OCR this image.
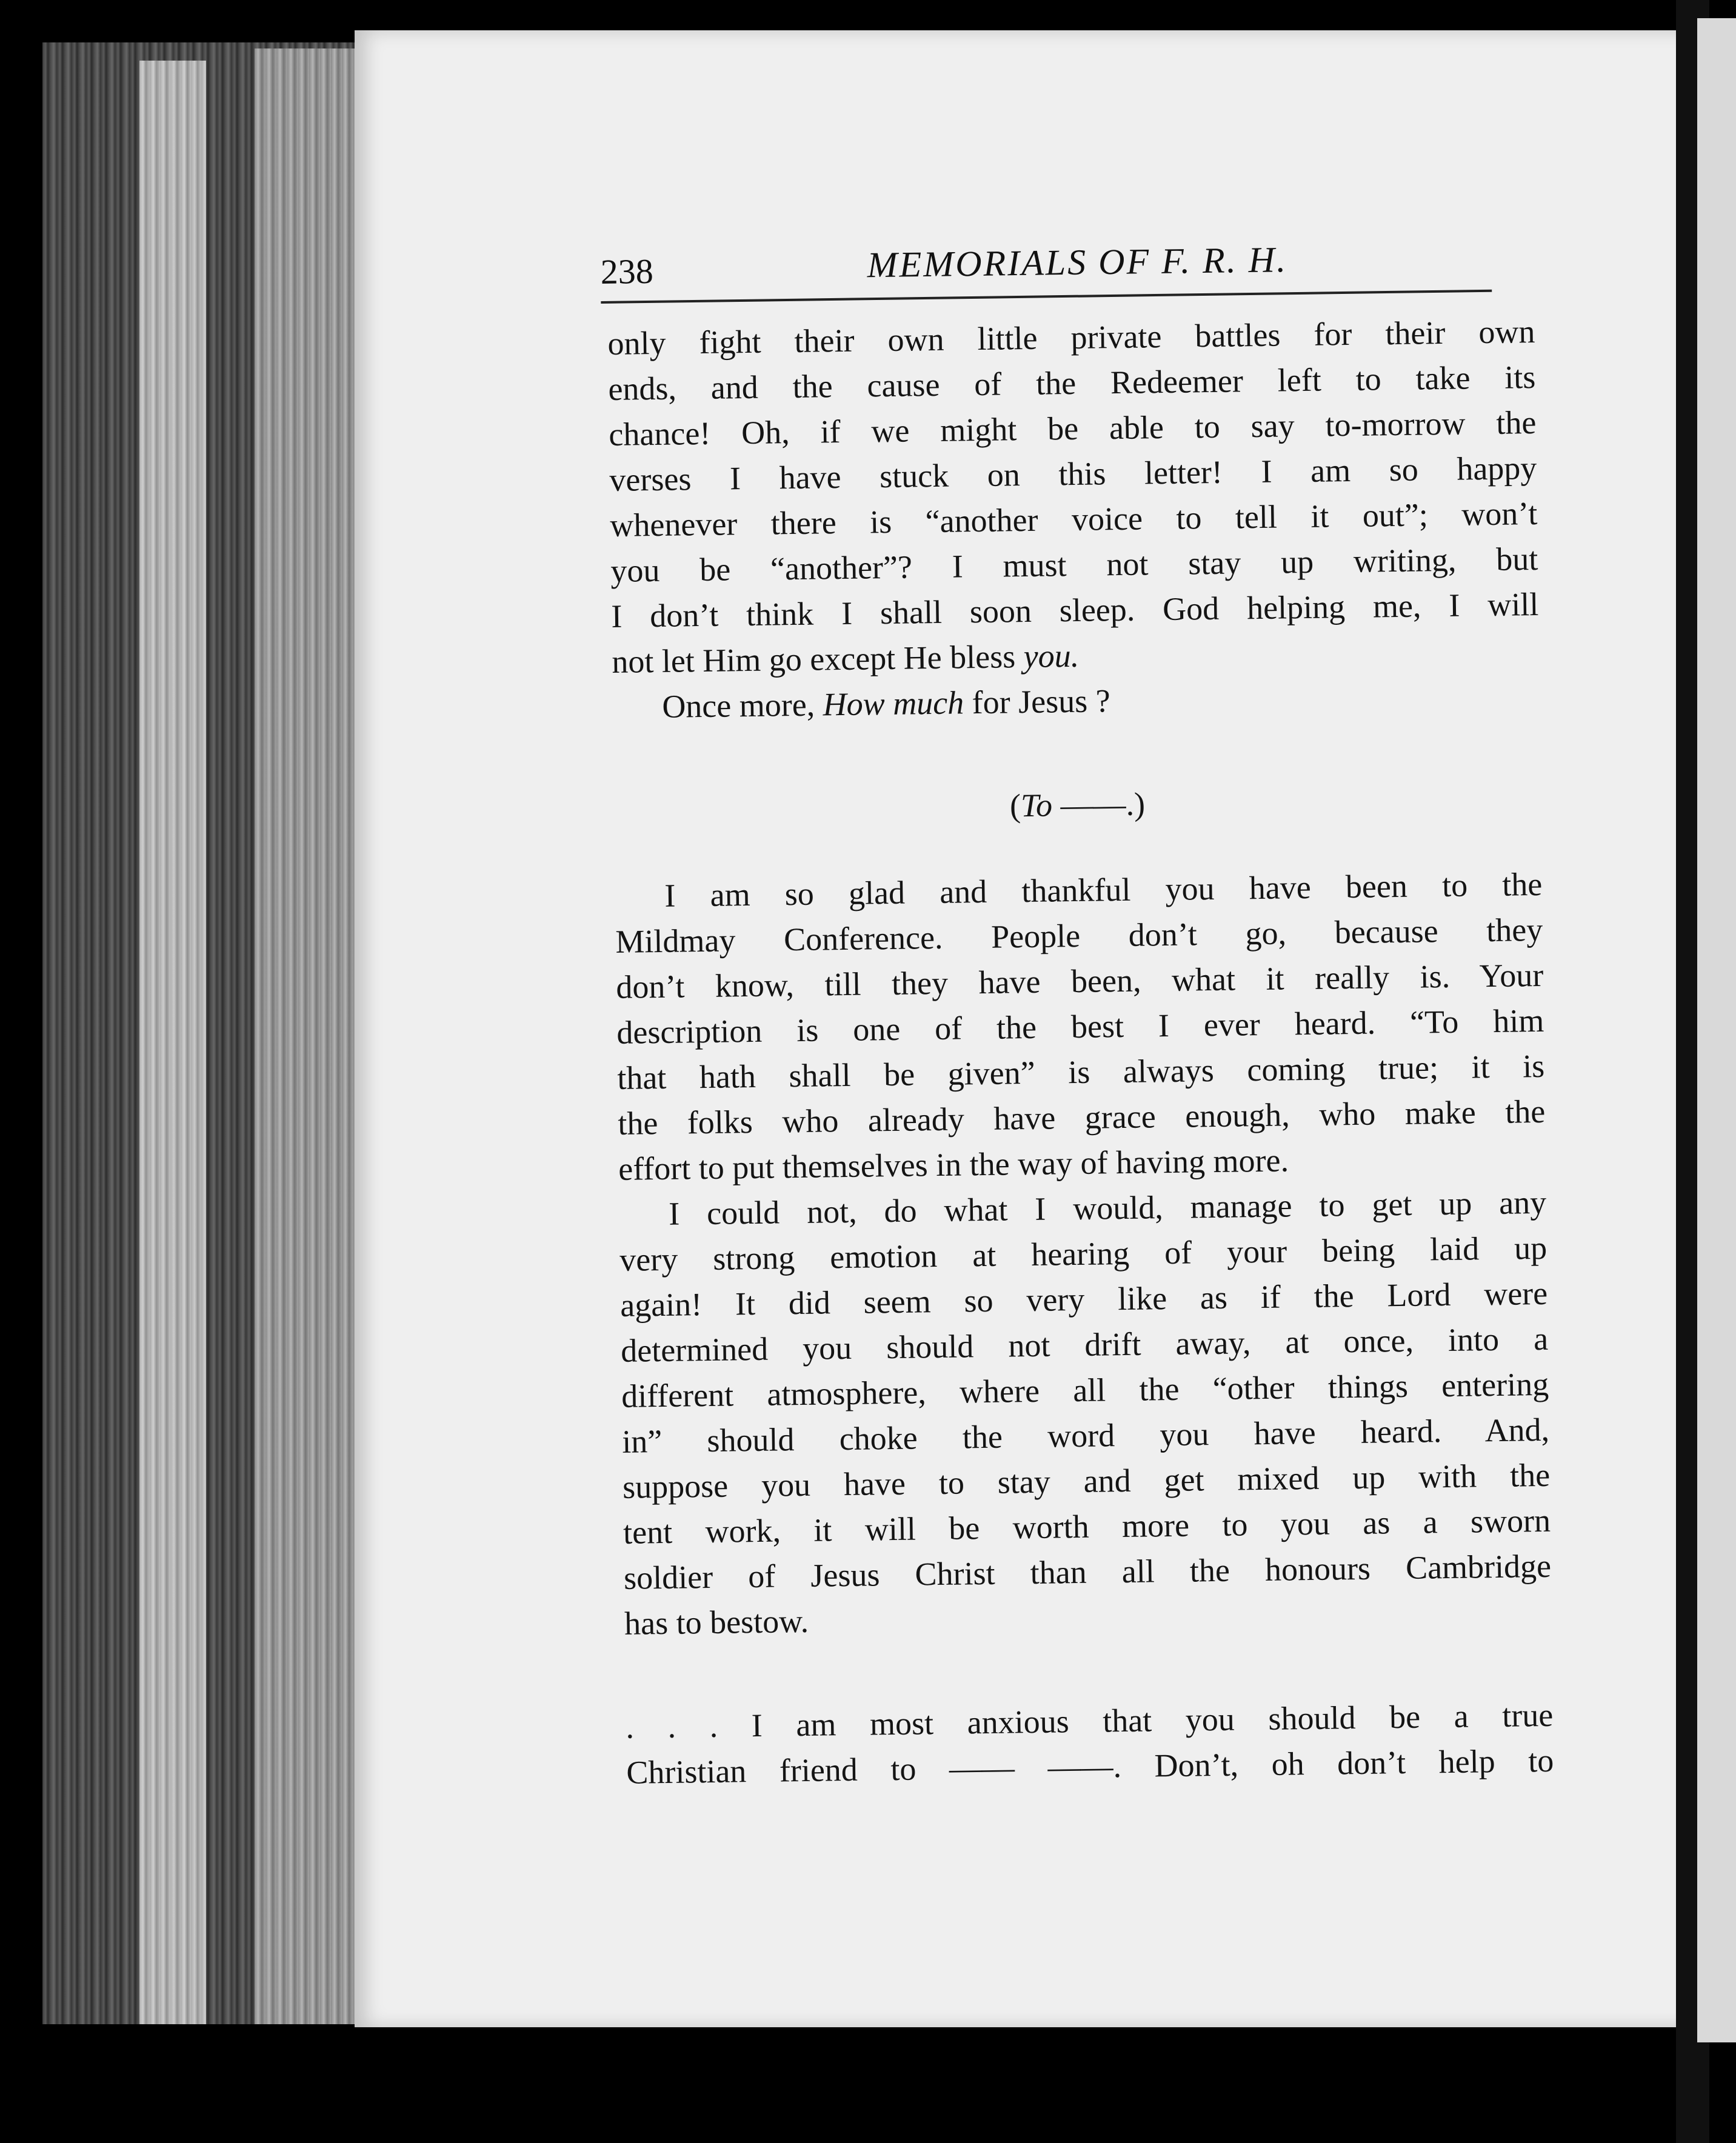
238	MEMORIALS OF F. R. H.
only fight their own little private battles for their own
ends, and the cause of the Redeemer left to take its
chance! Oh, if we might be able to say to-morrow the
verses I have stuck on this letter! I am so happy
whenever there is “another voice to tell it out”; won’t
you be “another”? I must not stay up writing, but
I don’t think I shall soon sleep. God helping me, I will
not let Him go except He bless you.
Once more, How much for Jesus ?
(To ——.)
I am so glad and thankful you have been to the
Mildmay Conference. People don’t go, because they
don’t know, till they have been, what it really is. Your
description is one of the best I ever heard. “To him
that hath shall be given” is always coming true; it is
the folks who already have grace enough, who make the
effort to put themselves in the way of having more.
I could not, do what I would, manage to get up any
very strong emotion at hearing of your being laid up
again! It did seem so very like as if the Lord were
determined you should not drift away, at once, into a
different atmosphere, where all the “other things entering
in” should choke the word you have heard. And,
suppose you have to stay and get mixed up with the
tent work, it will be worth more to you as a sworn
soldier of Jesus Christ than all the honours Cambridge
has to bestow.
. . . I am most anxious that you should be a true
Christian friend to —— ——. Don’t, oh don’t help to
